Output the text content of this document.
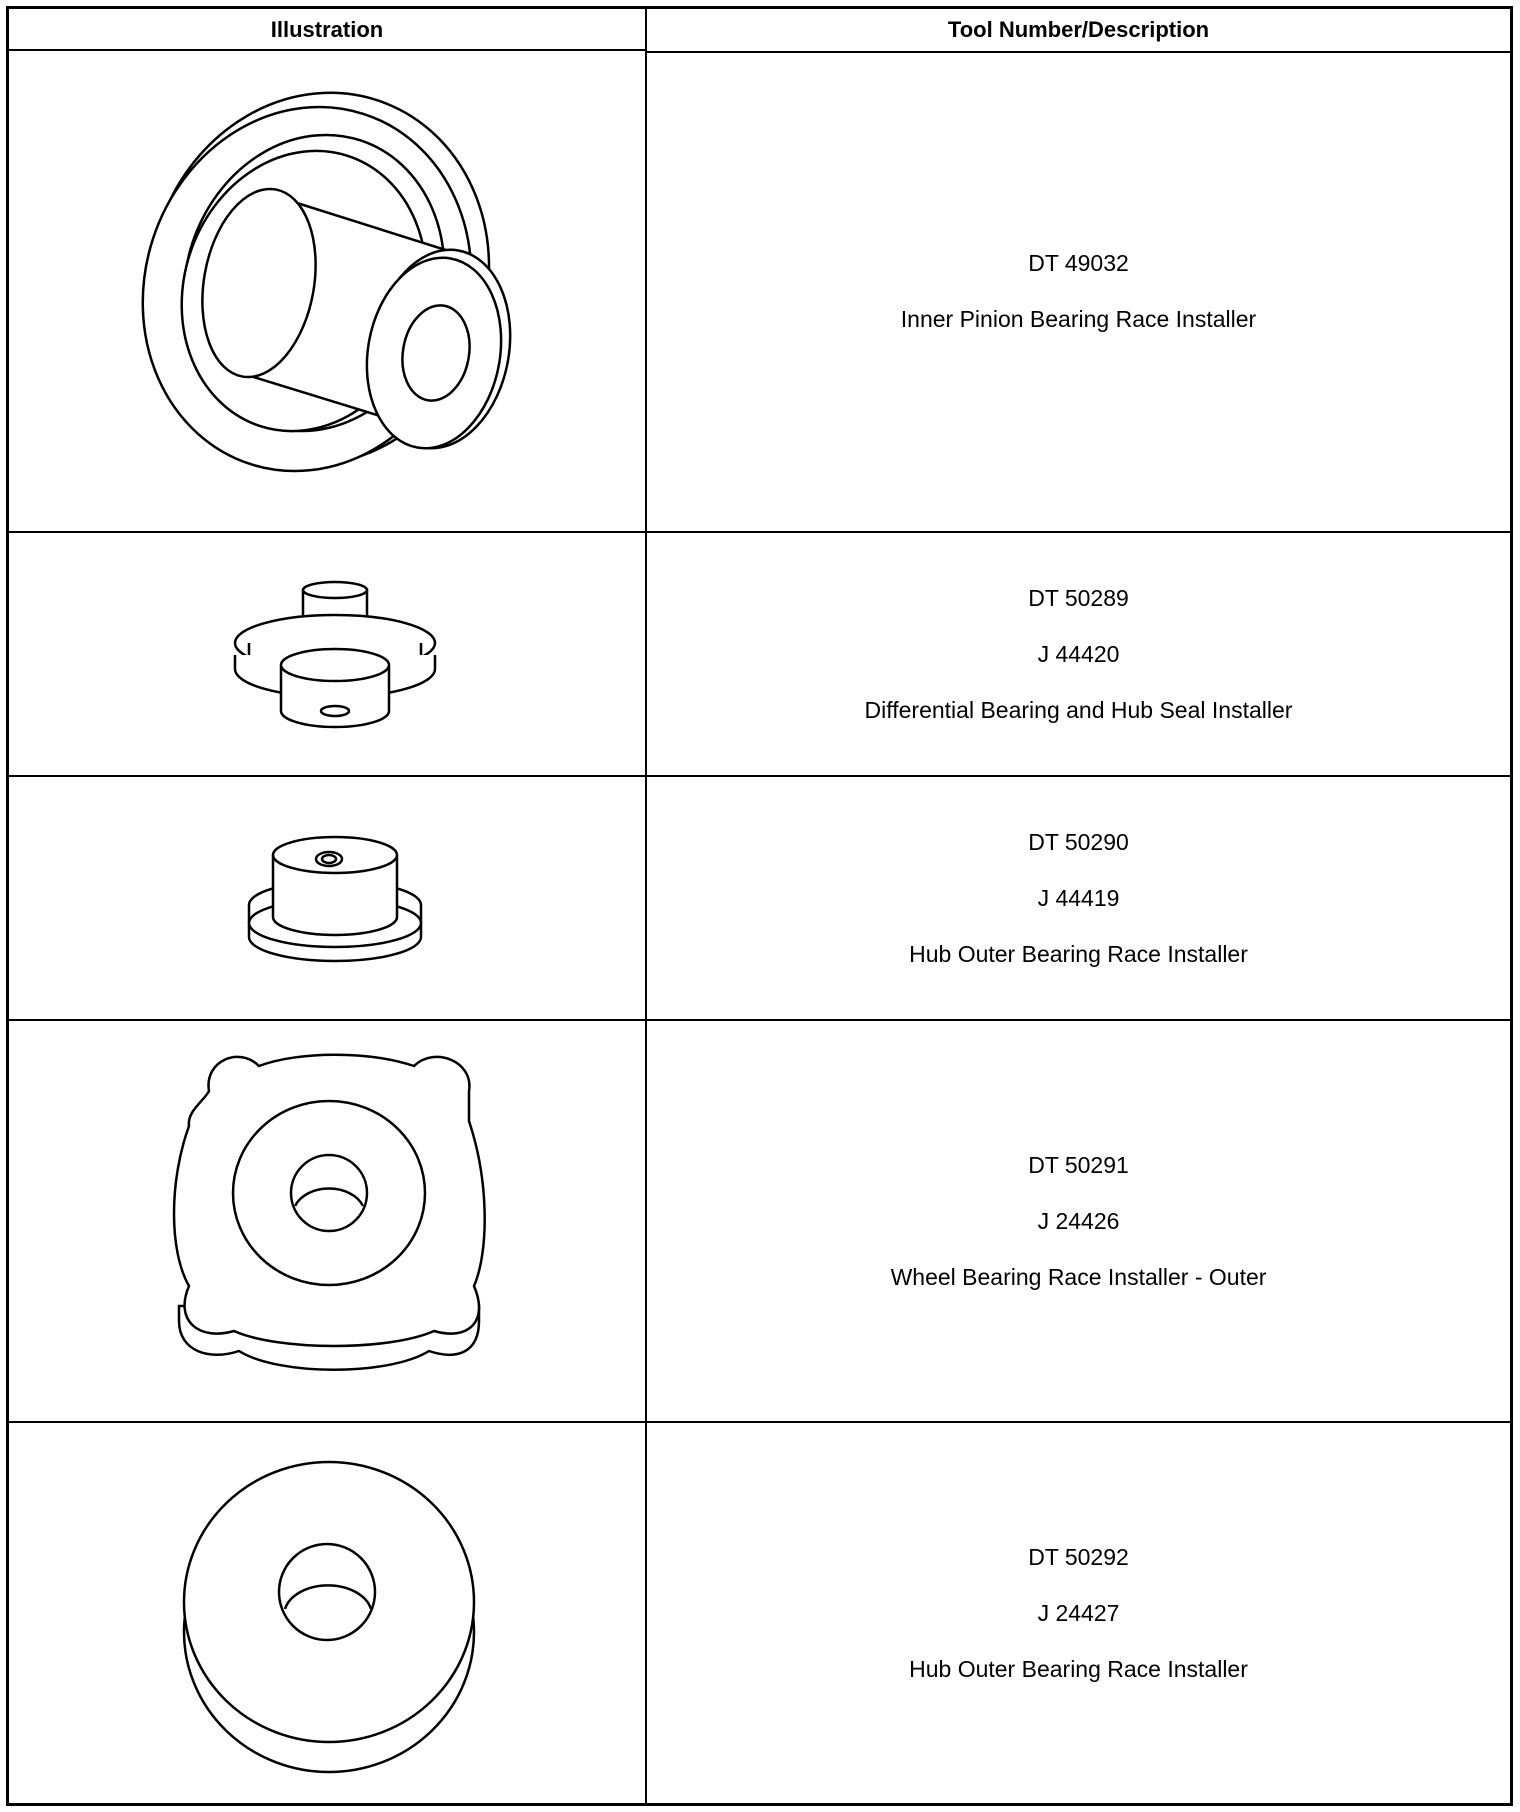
Illustration	Tool Number/Description
DT 49032
Inner Pinion Bearing Race Installer
DT 50289
J 44420
Differential Bearing and Hub Seal Installer
DT 50290
J 44419
Hub Outer Bearing Race Installer
DT 50291
J 24426
Wheel Bearing Race Installer - Outer
DT 50292
J 24427
Hub Outer Bearing Race Installer
